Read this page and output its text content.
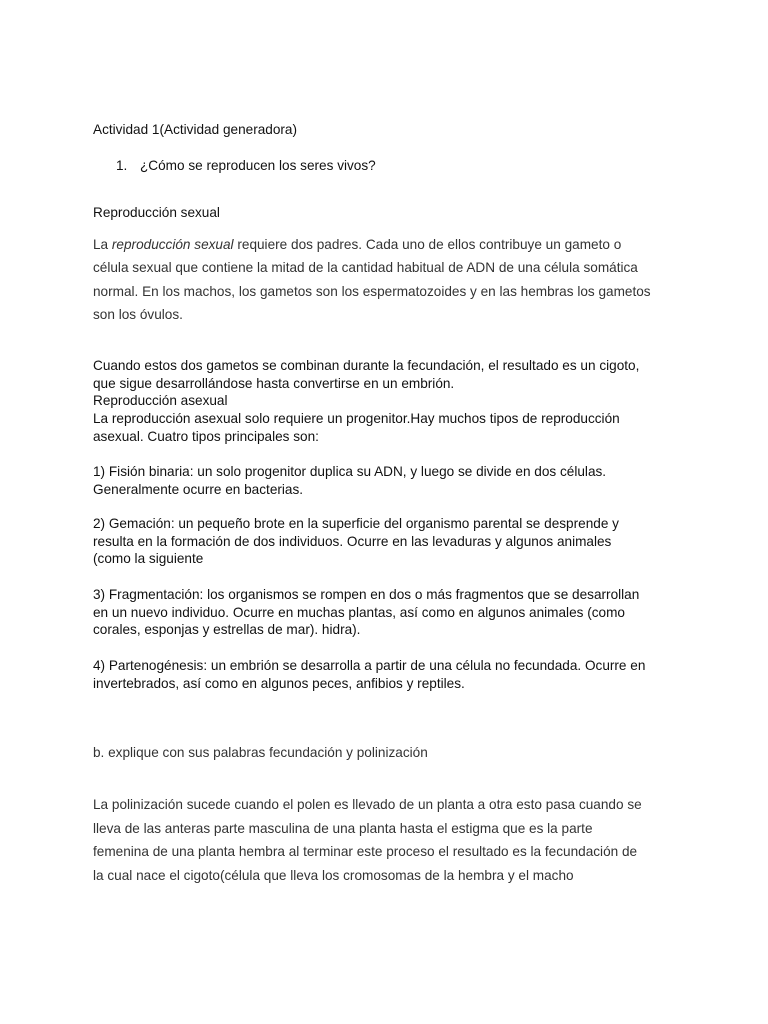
Actividad 1(Actividad generadora)

1. ¿Cómo se reproducen los seres vivos?

Reproducción sexual

La reproducción sexual requiere dos padres. Cada uno de ellos contribuye un gameto o
célula sexual que contiene la mitad de la cantidad habitual de ADN de una célula somática
normal. En los machos, los gametos son los espermatozoides y en las hembras los gametos
son los óvulos.
Cuando estos dos gametos se combinan durante la fecundación, el resultado es un cigoto,
que sigue desarrollándose hasta convertirse en un embrión.
Reproducción asexual
La reproducción asexual solo requiere un progenitor.Hay muchos tipos de reproducción
asexual. Cuatro tipos principales son:
1) Fisión binaria: un solo progenitor duplica su ADN, y luego se divide en dos células.
Generalmente ocurre en bacterias.
2) Gemación: un pequeño brote en la superficie del organismo parental se desprende y
resulta en la formación de dos individuos. Ocurre en las levaduras y algunos animales
(como la siguiente
3) Fragmentación: los organismos se rompen en dos o más fragmentos que se desarrollan
en un nuevo individuo. Ocurre en muchas plantas, así como en algunos animales (como
corales, esponjas y estrellas de mar). hidra).
4) Partenogénesis: un embrión se desarrolla a partir de una célula no fecundada. Ocurre en
invertebrados, así como en algunos peces, anfibios y reptiles.

b. explique con sus palabras fecundación y polinización

La polinización sucede cuando el polen es llevado de un planta a otra esto pasa cuando se
lleva de las anteras parte masculina de una planta hasta el estigma que es la parte
femenina de una planta hembra al terminar este proceso el resultado es la fecundación de
la cual nace el cigoto(célula que lleva los cromosomas de la hembra y el macho
